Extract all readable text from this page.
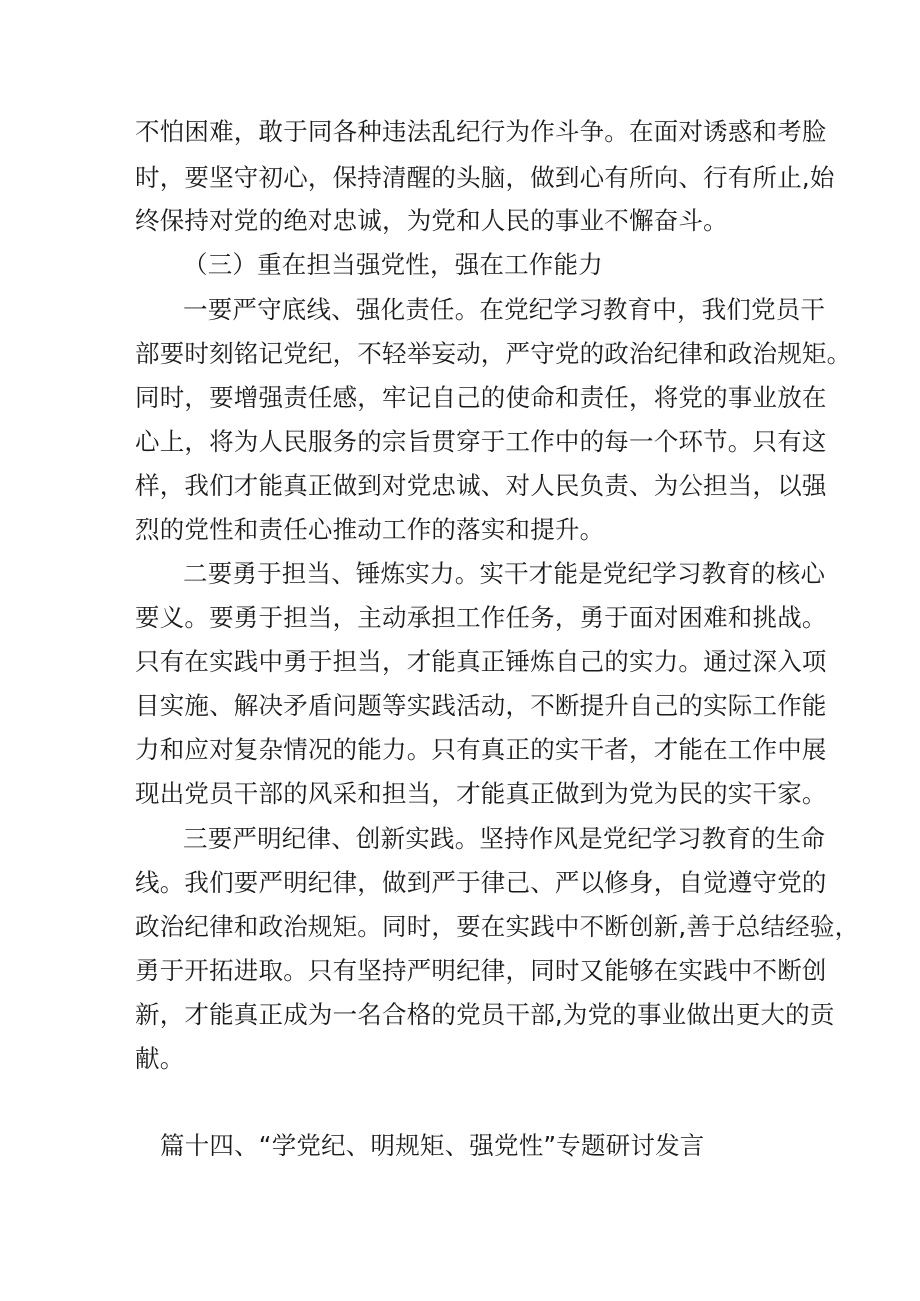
不怕困难，敢于同各种违法乱纪行为作斗争。在面对诱惑和考脸
时，要坚守初心，保持清醒的头脑，做到心有所向、行有所止,始
终保持对党的绝对忠诚，为党和人民的事业不懈奋斗。
（三）重在担当强党性，强在工作能力
一要严守底线、强化责任。在党纪学习教育中，我们党员干
部要时刻铭记党纪，不轻举妄动，严守党的政治纪律和政治规矩。
同时，要增强责任感，牢记自己的使命和责任，将党的事业放在
心上，将为人民服务的宗旨贯穿于工作中的每一个环节。只有这
样，我们才能真正做到对党忠诚、对人民负责、为公担当，以强
烈的党性和责任心推动工作的落实和提升。
二要勇于担当、锤炼实力。实干才能是党纪学习教育的核心
要义。要勇于担当，主动承担工作任务，勇于面对困难和挑战。
只有在实践中勇于担当，才能真正锤炼自己的实力。通过深入项
目实施、解决矛盾问题等实践活动，不断提升自己的实际工作能
力和应对复杂情况的能力。只有真正的实干者，才能在工作中展
现出党员干部的风采和担当，才能真正做到为党为民的实干家。
三要严明纪律、创新实践。坚持作风是党纪学习教育的生命
线。我们要严明纪律，做到严于律己、严以修身，自觉遵守党的
政治纪律和政治规矩。同时，要在实践中不断创新,善于总结经验，
勇于开拓进取。只有坚持严明纪律，同时又能够在实践中不断创
新，才能真正成为一名合格的党员干部,为党的事业做出更大的贡
献。
篇十四、“学党纪、明规矩、强党性”专题研讨发言
